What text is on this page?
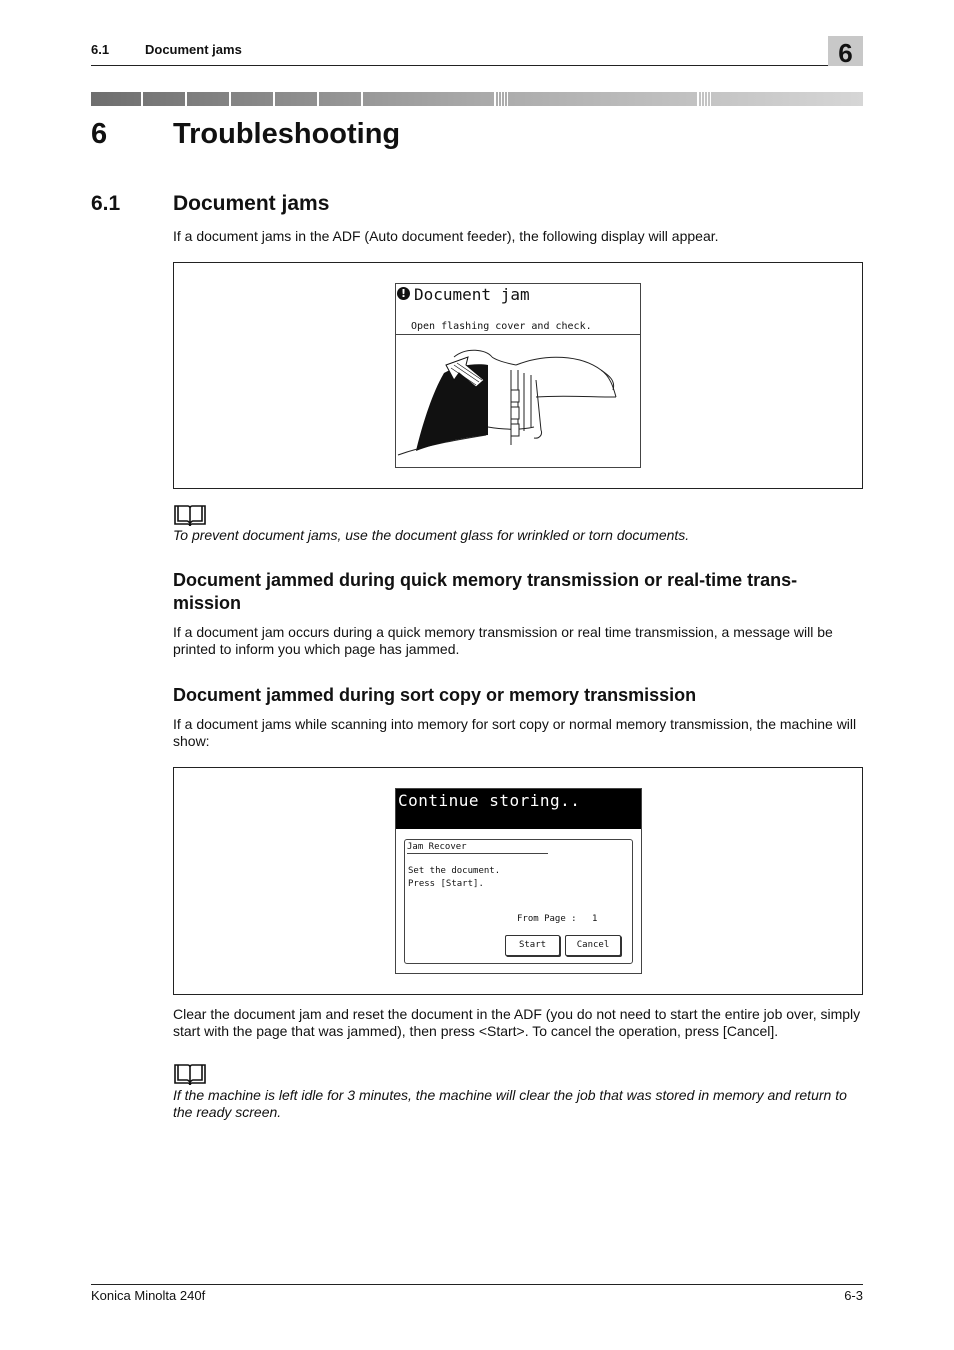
6.1	Document jams	6
6 Troubleshooting
6.1	Document jams
If a document jams in the ADF (Auto document feeder), the following display will appear.
! Document jam
Open flashing cover and check.
To prevent document jams, use the document glass for wrinkled or torn documents.
Document jammed during quick memory transmission or real-time trans-mission
If a document jam occurs during a quick memory transmission or real time transmission, a message will be printed to inform you which page has jammed.
Document jammed during sort copy or memory transmission
If a document jams while scanning into memory for sort copy or normal memory transmission, the machine will show:
Continue storing..
Jam Recover
Set the document.
Press [Start].
From Page : 1
Start	Cancel
Clear the document jam and reset the document in the ADF (you do not need to start the entire job over, simply start with the page that was jammed), then press <Start>. To cancel the operation, press [Cancel].
If the machine is left idle for 3 minutes, the machine will clear the job that was stored in memory and return to the ready screen.
Konica Minolta 240f	6-3
